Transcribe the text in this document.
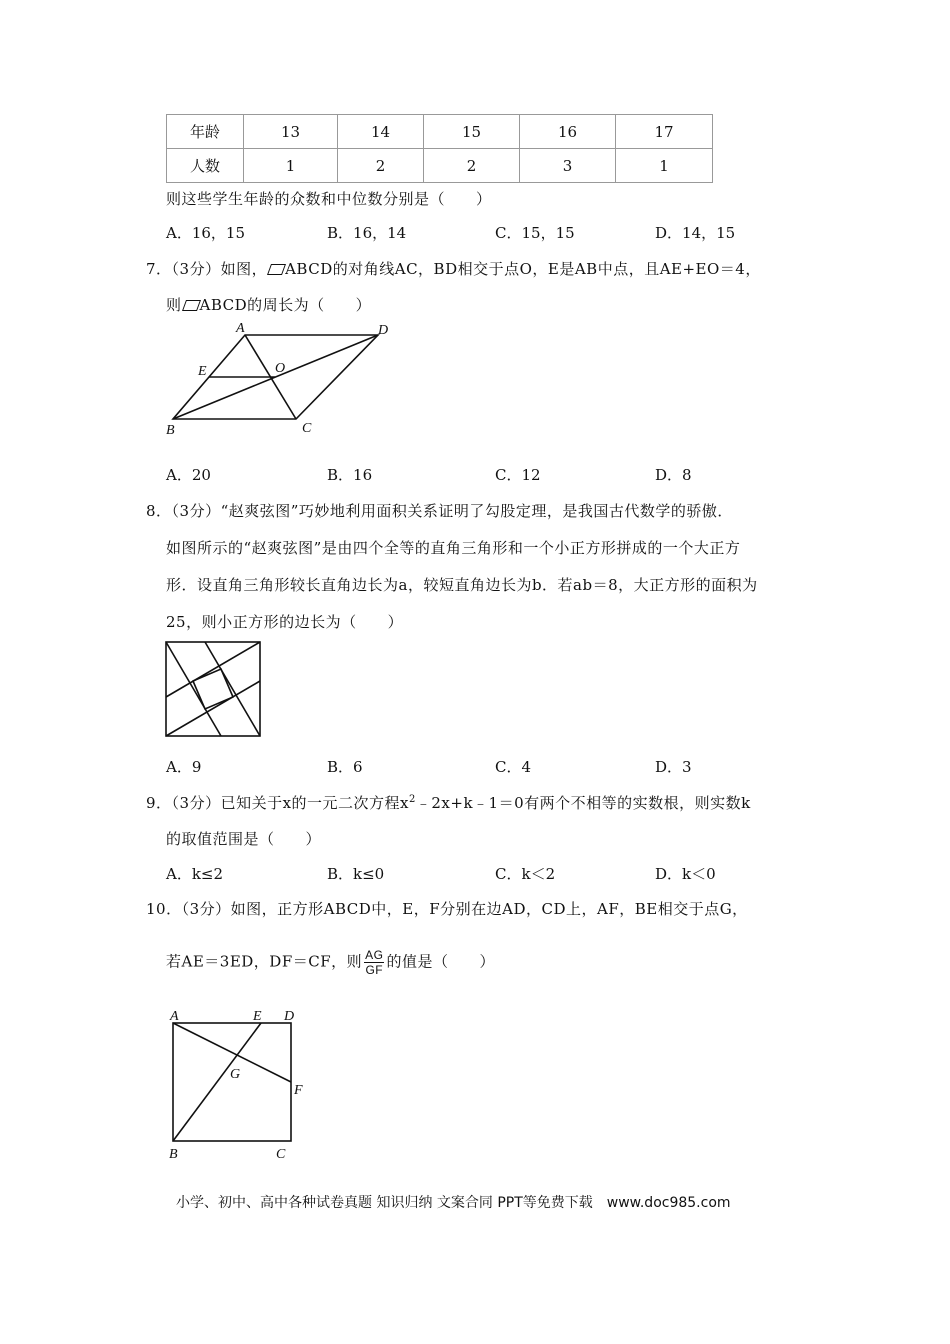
年龄	13	14	15	16	17
人数	1	2	2	3	1
则这些学生年龄的众数和中位数分别是（　　）
A．16，15	B．16，14	C．15，15	D．14，15
7．（3分）如图， ABCD的对角线AC，BD相交于点O，E是AB中点，且AE+EO＝4，
则 ABCD的周长为（　　）
A	D
E	O
B	C
A．20	B．16	C．12	D．8
8．（3分）“赵爽弦图”巧妙地利用面积关系证明了勾股定理，是我国古代数学的骄傲．
如图所示的“赵爽弦图”是由四个全等的直角三角形和一个小正方形拼成的一个大正方
形．设直角三角形较长直角边长为a，较短直角边长为b．若ab＝8，大正方形的面积为
25，则小正方形的边长为（　　）
A．9	B．6	C．4	D．3
9．（3分）已知关于x的一元二次方程$x^2﹣2x+k﹣1=0$有两个不相等的实数根，则实数k
的取值范围是（　　）
A．k≤2	B．k≤0	C．k＜2	D．k＜0
10．（3分）如图，正方形ABCD中，E，F分别在边AD，CD上，AF，BE相交于点G，
若AE＝3ED，DF＝CF，则 $\frac{AG}{GF}$ 的值是（　　）
A	E D
G
F
B	C
小学、初中、高中各种试卷真题 知识归纳 文案合同 PPT等免费下载　www.doc985.com
